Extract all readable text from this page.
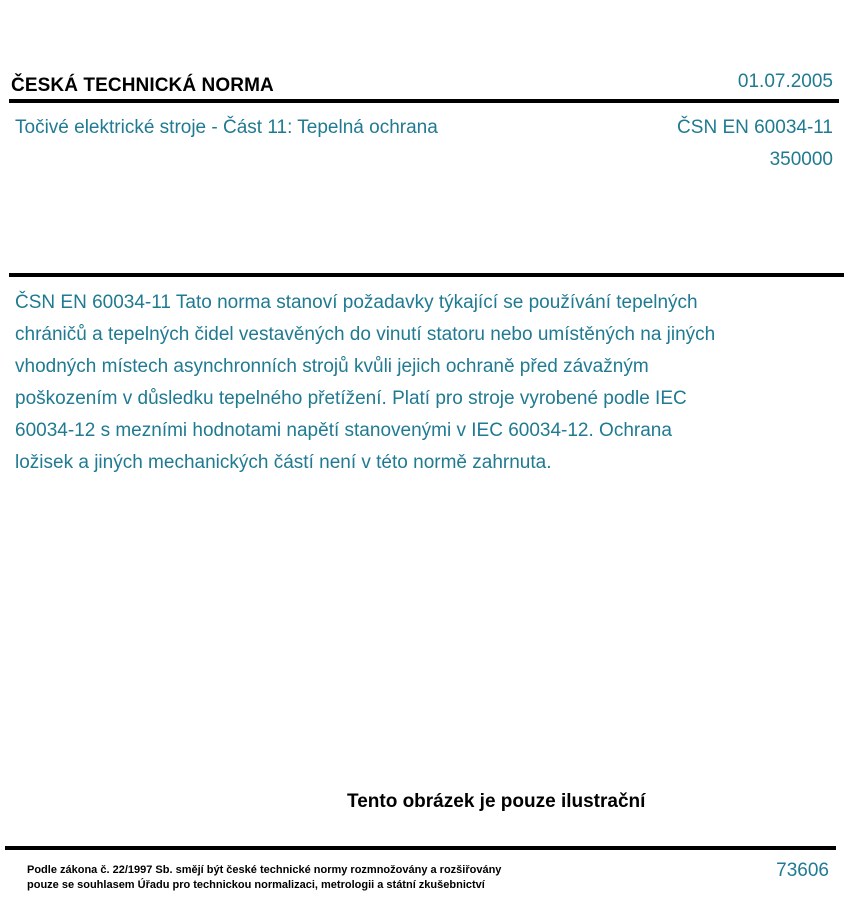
ČESKÁ TECHNICKÁ NORMA	01.07.2005
Točivé elektrické stroje - Část 11: Tepelná ochrana	ČSN EN 60034-11
350000
ČSN EN 60034-11 Tato norma stanoví požadavky týkající se používání tepelných chráničů a tepelných čidel vestavěných do vinutí statoru nebo umístěných na jiných vhodných místech asynchronních strojů kvůli jejich ochraně před závažným poškozením v důsledku tepelného přetížení. Platí pro stroje vyrobené podle IEC 60034-12 s mezními hodnotami napětí stanovenými v IEC 60034-12. Ochrana ložisek a jiných mechanických částí není v této normě zahrnuta.
Tento obrázek je pouze ilustrační
Podle zákona č. 22/1997 Sb. smějí být české technické normy rozmnožovány a rozšiřovány
pouze se souhlasem Úřadu pro technickou normalizaci, metrologii a státní zkušebnictví
73606
